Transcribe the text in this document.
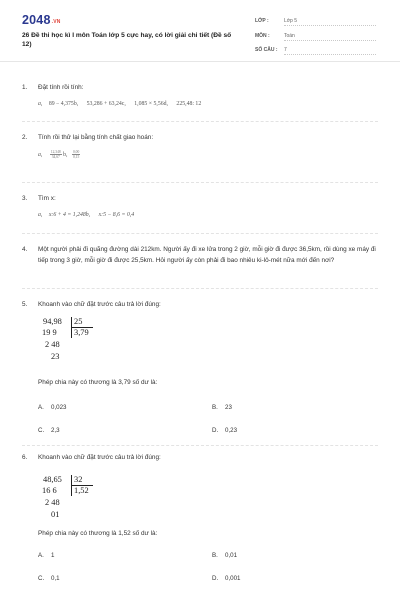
$2048^{.VN}$
26 Đề thi học kì I môn Toán lớp 5 cực hay, có lời giải chi tiết (Đề số 12)
LỚP :	Lớp 5
MÔN :	Toán
SỐ CÂU : 7
1. Đặt tính rồi tính:
a, 89 − 4,375b, 53,286 + 63,24c, 1,085 × 5,56d, 225,48: 12
2. Tính rồi thử lại bằng tính chất giao hoán:
a, $\frac{12,348}{34,67} b$, $\frac{0,00}{0,15}$
3. Tìm x:
a, x:6 + 4 = 1,248b, x:5 − 8,6 = 0,4
4. Một người phải đi quãng đường dài 212km. Người ấy đi xe lửa trong 2 giờ, mỗi giờ đi được 36,5km, rồi dùng xe máy đi tiếp trong 3 giờ, mỗi giờ đi được 25,5km. Hỏi người ấy còn phải đi bao nhiêu ki-lô-mét nữa mới đến nơi?
5. Khoanh vào chữ đặt trước câu trả lời đúng:
94,98 25
19 9 3,79
2 48
23
Phép chia này có thương là 3,79 số dư là:
A. 0,023	B. 23
C. 2,3	D. 0,23
6. Khoanh vào chữ đặt trước câu trả lời đúng:
48,65 32
16 6 1,52
2 48
01
Phép chia này có thương là 1,52 số dư là:
A. 1	B. 0,01
C. 0,1	D. 0,001
